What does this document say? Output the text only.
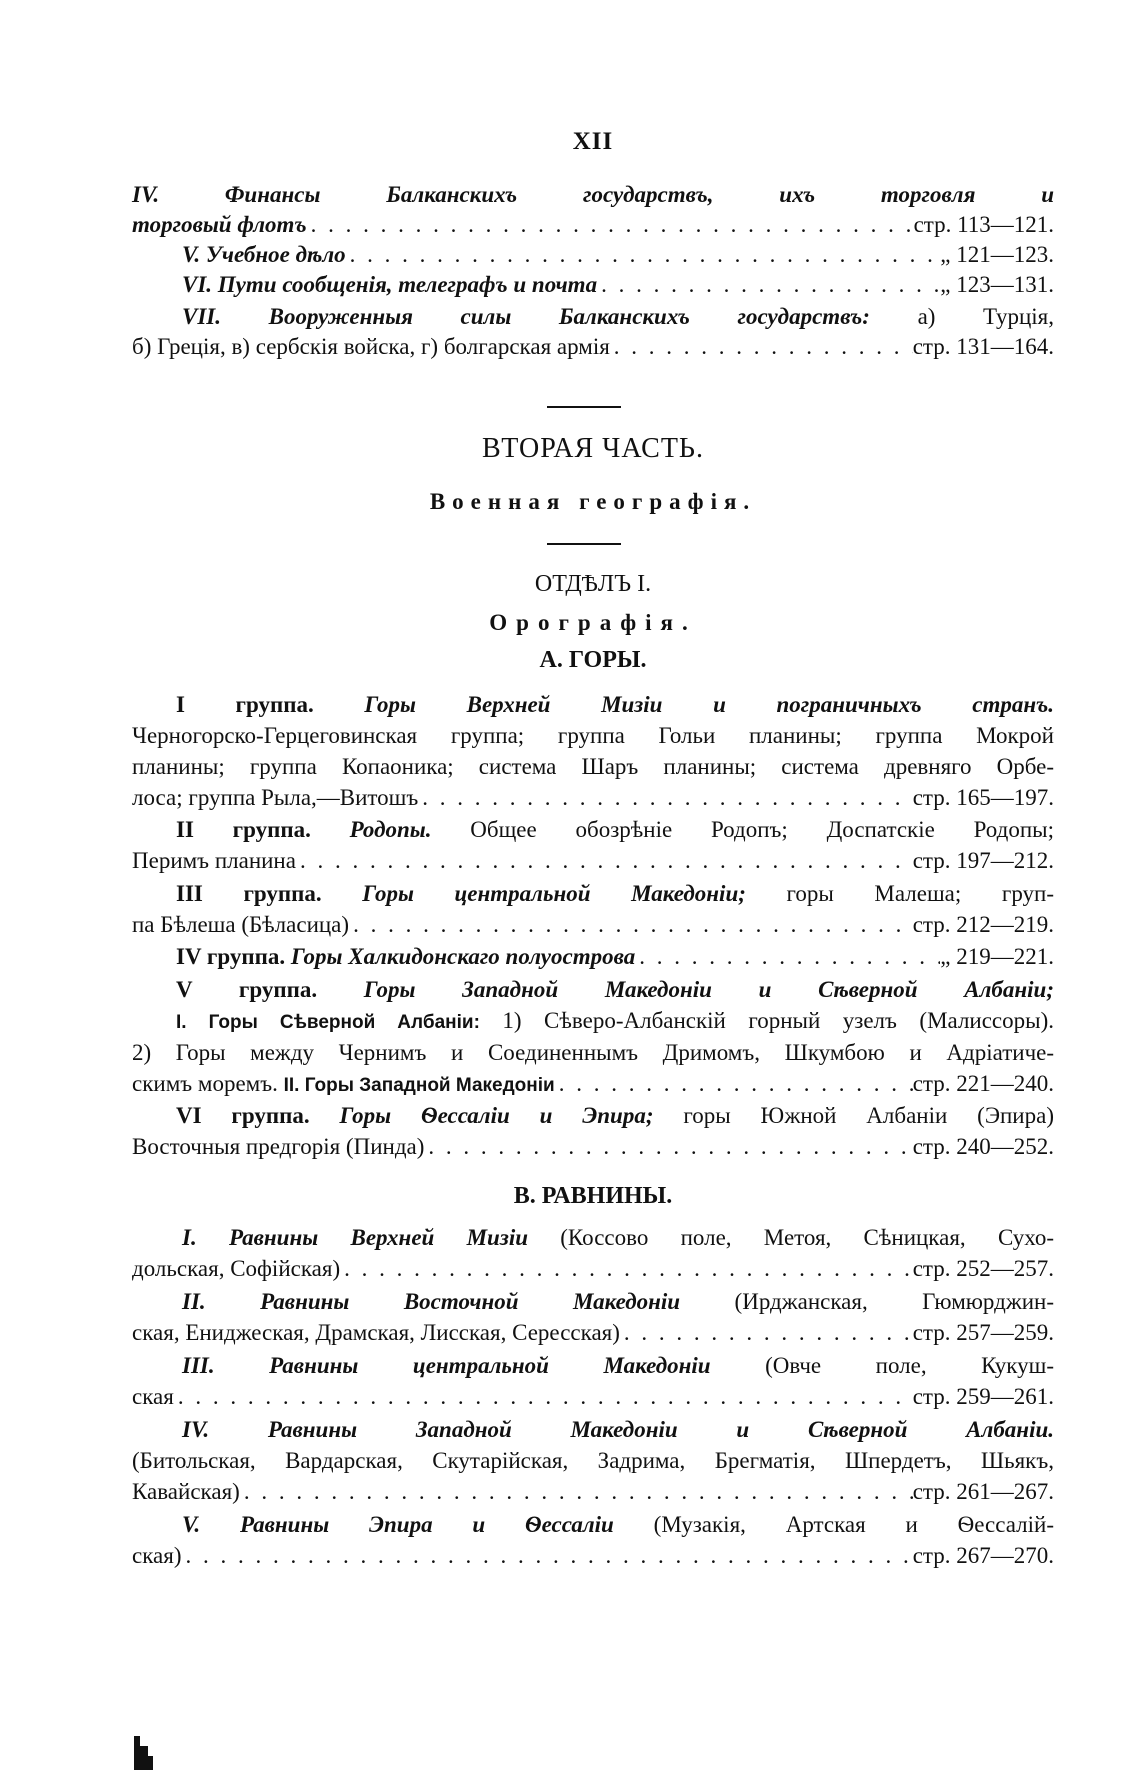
XII
IV. Финансы Балканскихъ государствъ, ихъ торговля и
торговый флотъ . . .	стр. 113—121.
V. Учебное дѣло . . .	„ 121—123.
VI. Пути сообщенія, телеграфъ и почта . . .	„ 123—131.
VII. Вооруженныя силы Балканскихъ государствъ: а) Турція,
б) Греція, в) сербскія войска, г) болгарская армія . . .	стр. 131—164.
ВТОРАЯ ЧАСТЬ.
Военная географія.
ОТДѢЛЪ I.
Орографія.
А. ГОРЫ.
I группа. Горы Верхней Мизіи и пограничныхъ странъ.
Черногорско-Герцеговинская группа; группа Гольи планины; группа Мокрой
планины; группа Копаоника; система Шаръ планины; система древняго Орбе-
лоса; группа Рыла,—Витошъ . . .	стр. 165—197.
II группа. Родопы. Общее обозрѣніе Родопъ; Доспатскіе Родопы;
Перимъ планина . . .	стр. 197—212.
III группа. Горы центральной Македоніи; горы Малеша; груп-
па Бѣлеша (Бѣласица) . . .	стр. 212—219.
IV группа. Горы Халкидонскаго полуострова . . .	„ 219—221.
V группа. Горы Западной Македоніи и Сѣверной Албаніи;
I. Горы Сѣверной Албаніи: 1) Сѣверо-Албанскій горный узелъ (Малиссоры).
2) Горы между Чернимъ и Соединеннымъ Дримомъ, Шкумбою и Адріатиче-
скимъ моремъ. II. Горы Западной Македоніи . . .	стр. 221—240.
VI группа. Горы Ѳессаліи и Эпира; горы Южной Албаніи (Эпира)
Восточныя предгорія (Пинда) . . .	стр. 240—252.
В. РАВНИНЫ.
I. Равнины Верхней Мизіи (Коссово поле, Метоя, Сѣницкая, Сухо-
дольская, Софійская) . . .	стр. 252—257.
II. Равнины Восточной Македоніи (Ирджанская, Гюмюрджин-
ская, Ениджеская, Драмская, Лисская, Сересская) . . .	стр. 257—259.
III. Равнины центральной Македоніи (Овче поле, Кукуш-
ская . . .	стр. 259—261.
IV. Равнины Западной Македоніи и Сѣверной Албаніи.
(Битольская, Вардарская, Скутарійская, Задрима, Брегматія, Шпердетъ, Шьякъ,
Кавайская) . . .	стр. 261—267.
V. Равнины Эпира и Ѳессаліи (Музакія, Артская и Ѳессалій-
ская) . . .	стр. 267—270.
